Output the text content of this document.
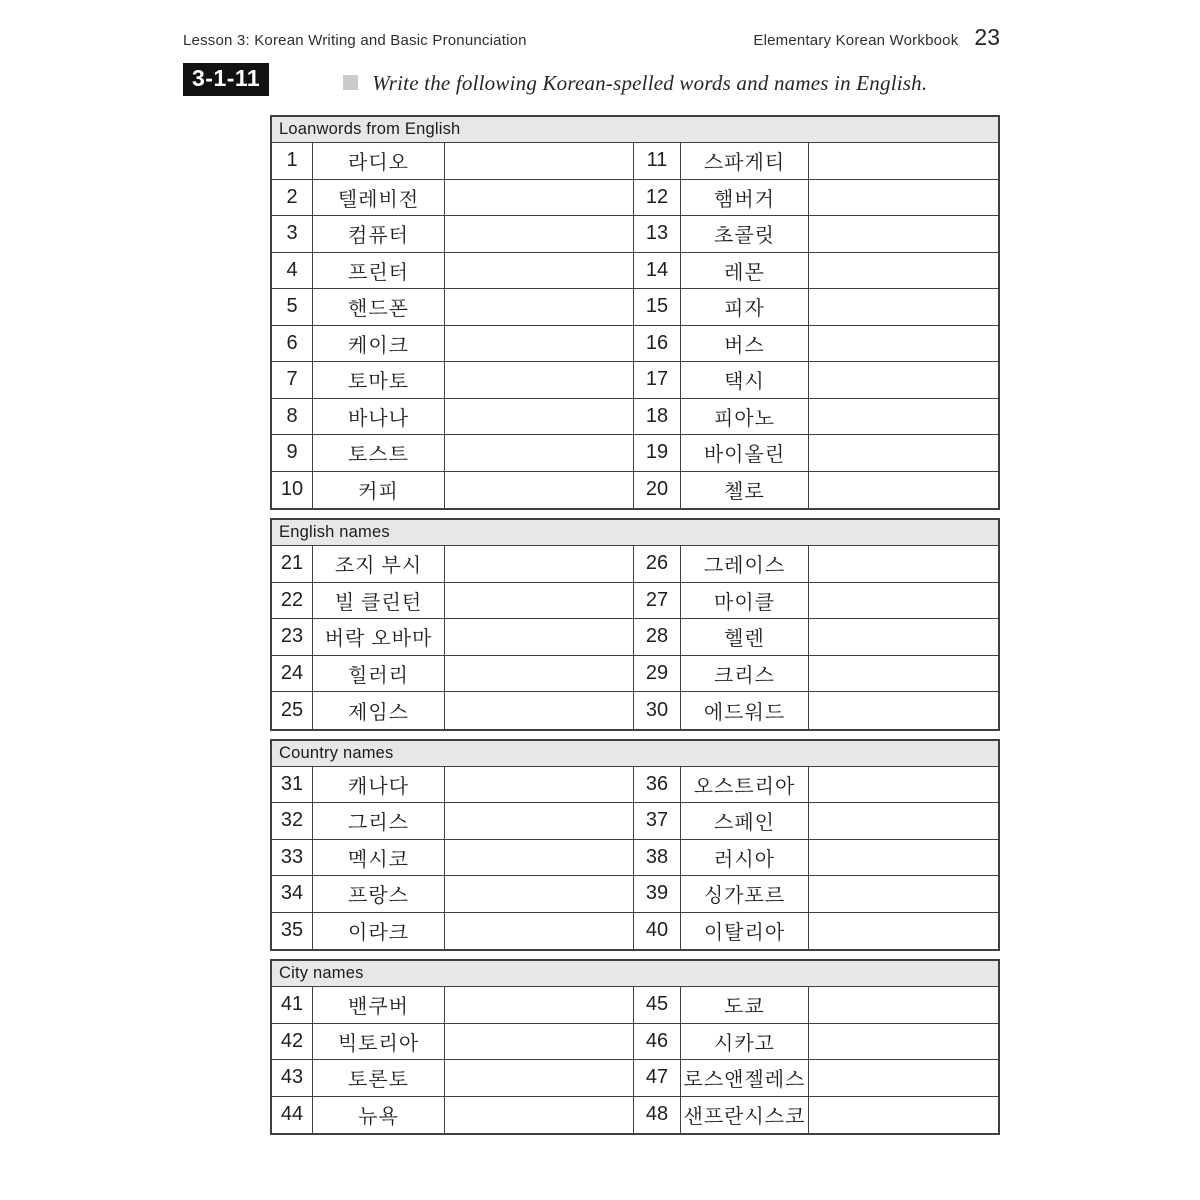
Lesson 3: Korean Writing and Basic Pronunciation	Elementary Korean Workbook 23
3-1-11	Write the following Korean-spelled words and names in English.
Loanwords from English
1	라디오	11	스파게티
2	텔레비전	12	햄버거
3	컴퓨터	13	초콜릿
4	프린터	14	레몬
5	핸드폰	15	피자
6	케이크	16	버스
7	토마토	17	택시
8	바나나	18	피아노
9	토스트	19	바이올린
10	커피	20	첼로
English names
21	조지 부시	26	그레이스
22	빌 클린턴	27	마이클
23	버락 오바마	28	헬렌
24	힐러리	29	크리스
25	제임스	30	에드워드
Country names
31	캐나다	36	오스트리아
32	그리스	37	스페인
33	멕시코	38	러시아
34	프랑스	39	싱가포르
35	이라크	40	이탈리아
City names
41	밴쿠버	45	도쿄
42	빅토리아	46	시카고
43	토론토	47 로스앤젤레스
44	뉴욕	48 샌프란시스코
